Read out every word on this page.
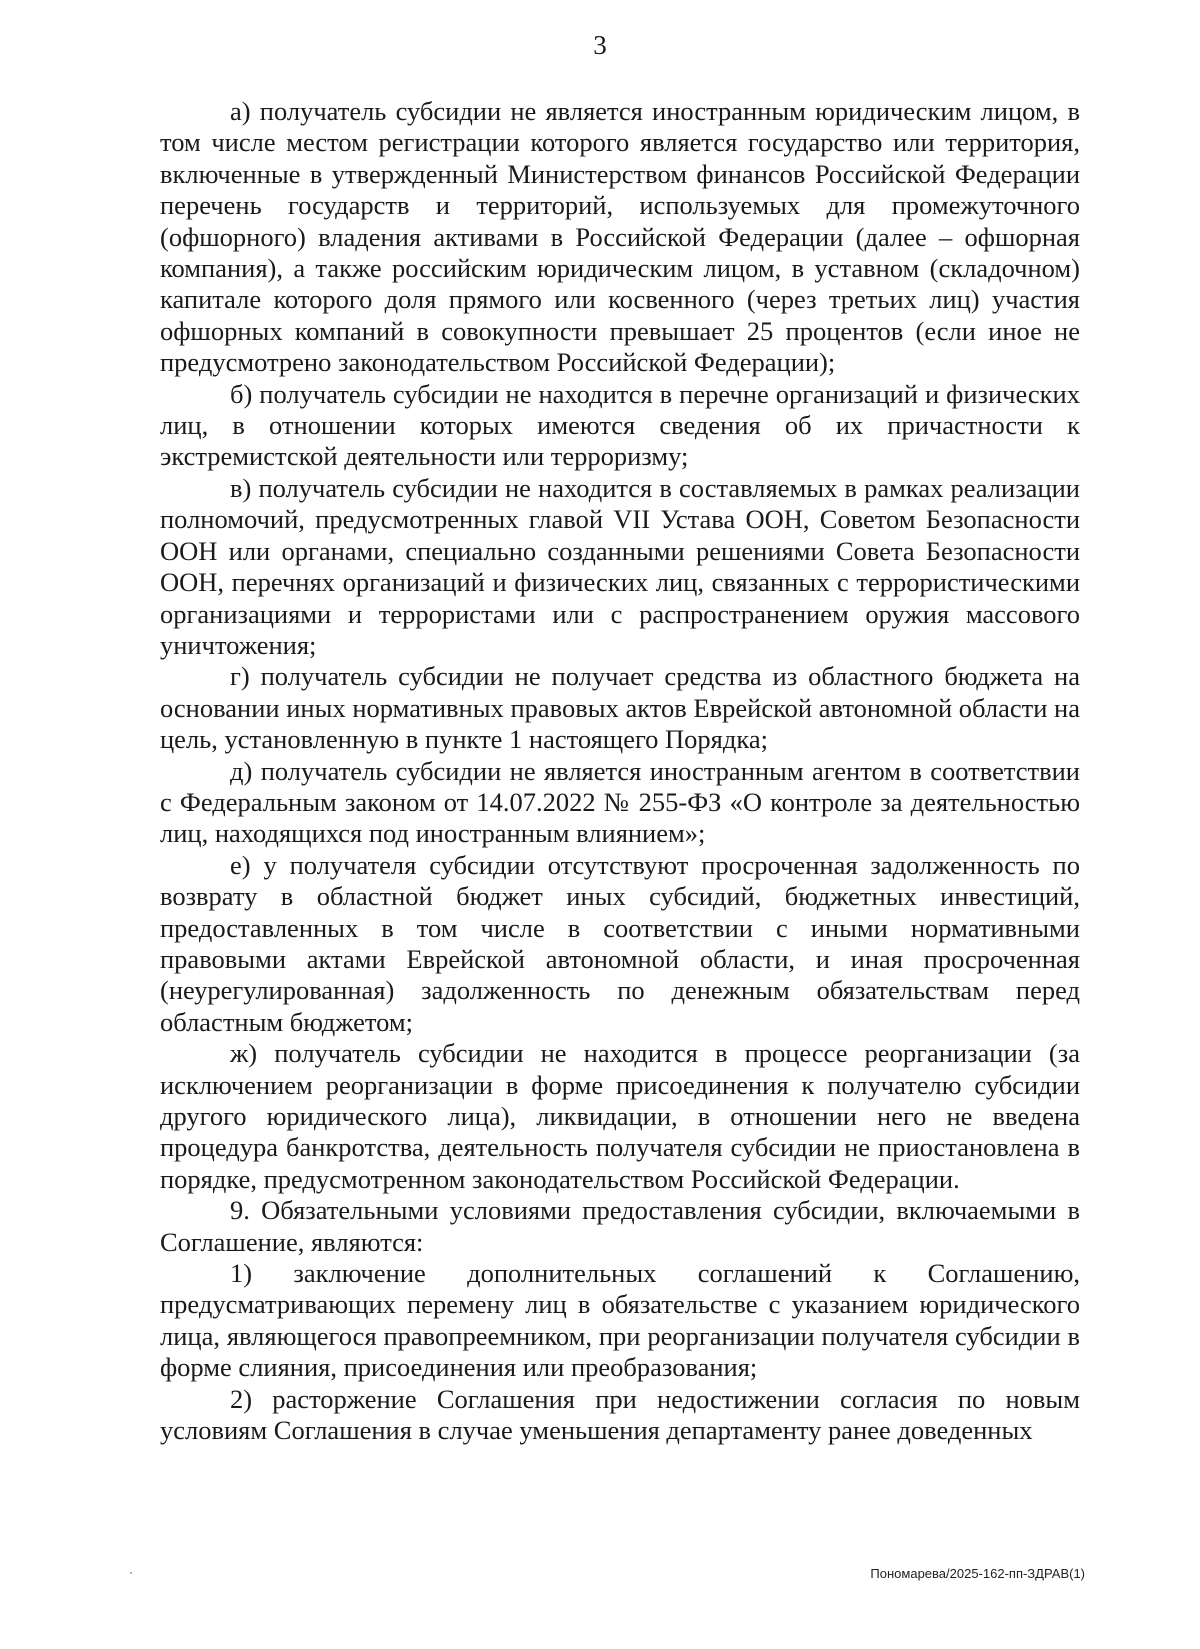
3

а) получатель субсидии не является иностранным юридическим лицом, в том числе местом регистрации которого является государство или территория, включенные в утвержденный Министерством финансов Российской Федерации перечень государств и территорий, используемых для промежуточного (офшорного) владения активами в Российской Федерации (далее – офшорная компания), а также российским юридическим лицом, в уставном (складочном) капитале которого доля прямого или косвенного (через третьих лиц) участия офшорных компаний в совокупности превышает 25 процентов (если иное не предусмотрено законодательством Российской Федерации);

б) получатель субсидии не находится в перечне организаций и физических лиц, в отношении которых имеются сведения об их причастности к экстремистской деятельности или терроризму;

в) получатель субсидии не находится в составляемых в рамках реализации полномочий, предусмотренных главой VII Устава ООН, Советом Безопасности ООН или органами, специально созданными решениями Совета Безопасности ООН, перечнях организаций и физических лиц, связанных с террористическими организациями и террористами или с распространением оружия массового уничтожения;

г) получатель субсидии не получает средства из областного бюджета на основании иных нормативных правовых актов Еврейской автономной области на цель, установленную в пункте 1 настоящего Порядка;

д) получатель субсидии не является иностранным агентом в соответствии с Федеральным законом от 14.07.2022 № 255-ФЗ «О контроле за деятельностью лиц, находящихся под иностранным влиянием»;

е) у получателя субсидии отсутствуют просроченная задолженность по возврату в областной бюджет иных субсидий, бюджетных инвестиций, предоставленных в том числе в соответствии с иными нормативными правовыми актами Еврейской автономной области, и иная просроченная (неурегулированная) задолженность по денежным обязательствам перед областным бюджетом;

ж) получатель субсидии не находится в процессе реорганизации (за исключением реорганизации в форме присоединения к получателю субсидии другого юридического лица), ликвидации, в отношении него не введена процедура банкротства, деятельность получателя субсидии не приостановлена в порядке, предусмотренном законодательством Российской Федерации.

9. Обязательными условиями предоставления субсидии, включаемыми в Соглашение, являются:

1) заключение дополнительных соглашений к Соглашению, предусматривающих перемену лиц в обязательстве с указанием юридического лица, являющегося правопреемником, при реорганизации получателя субсидии в форме слияния, присоединения или преобразования;

2) расторжение Соглашения при недостижении согласия по новым условиям Соглашения в случае уменьшения департаменту ранее доведенных

Пономарева/2025-162-пп-ЗДРАВ(1)
